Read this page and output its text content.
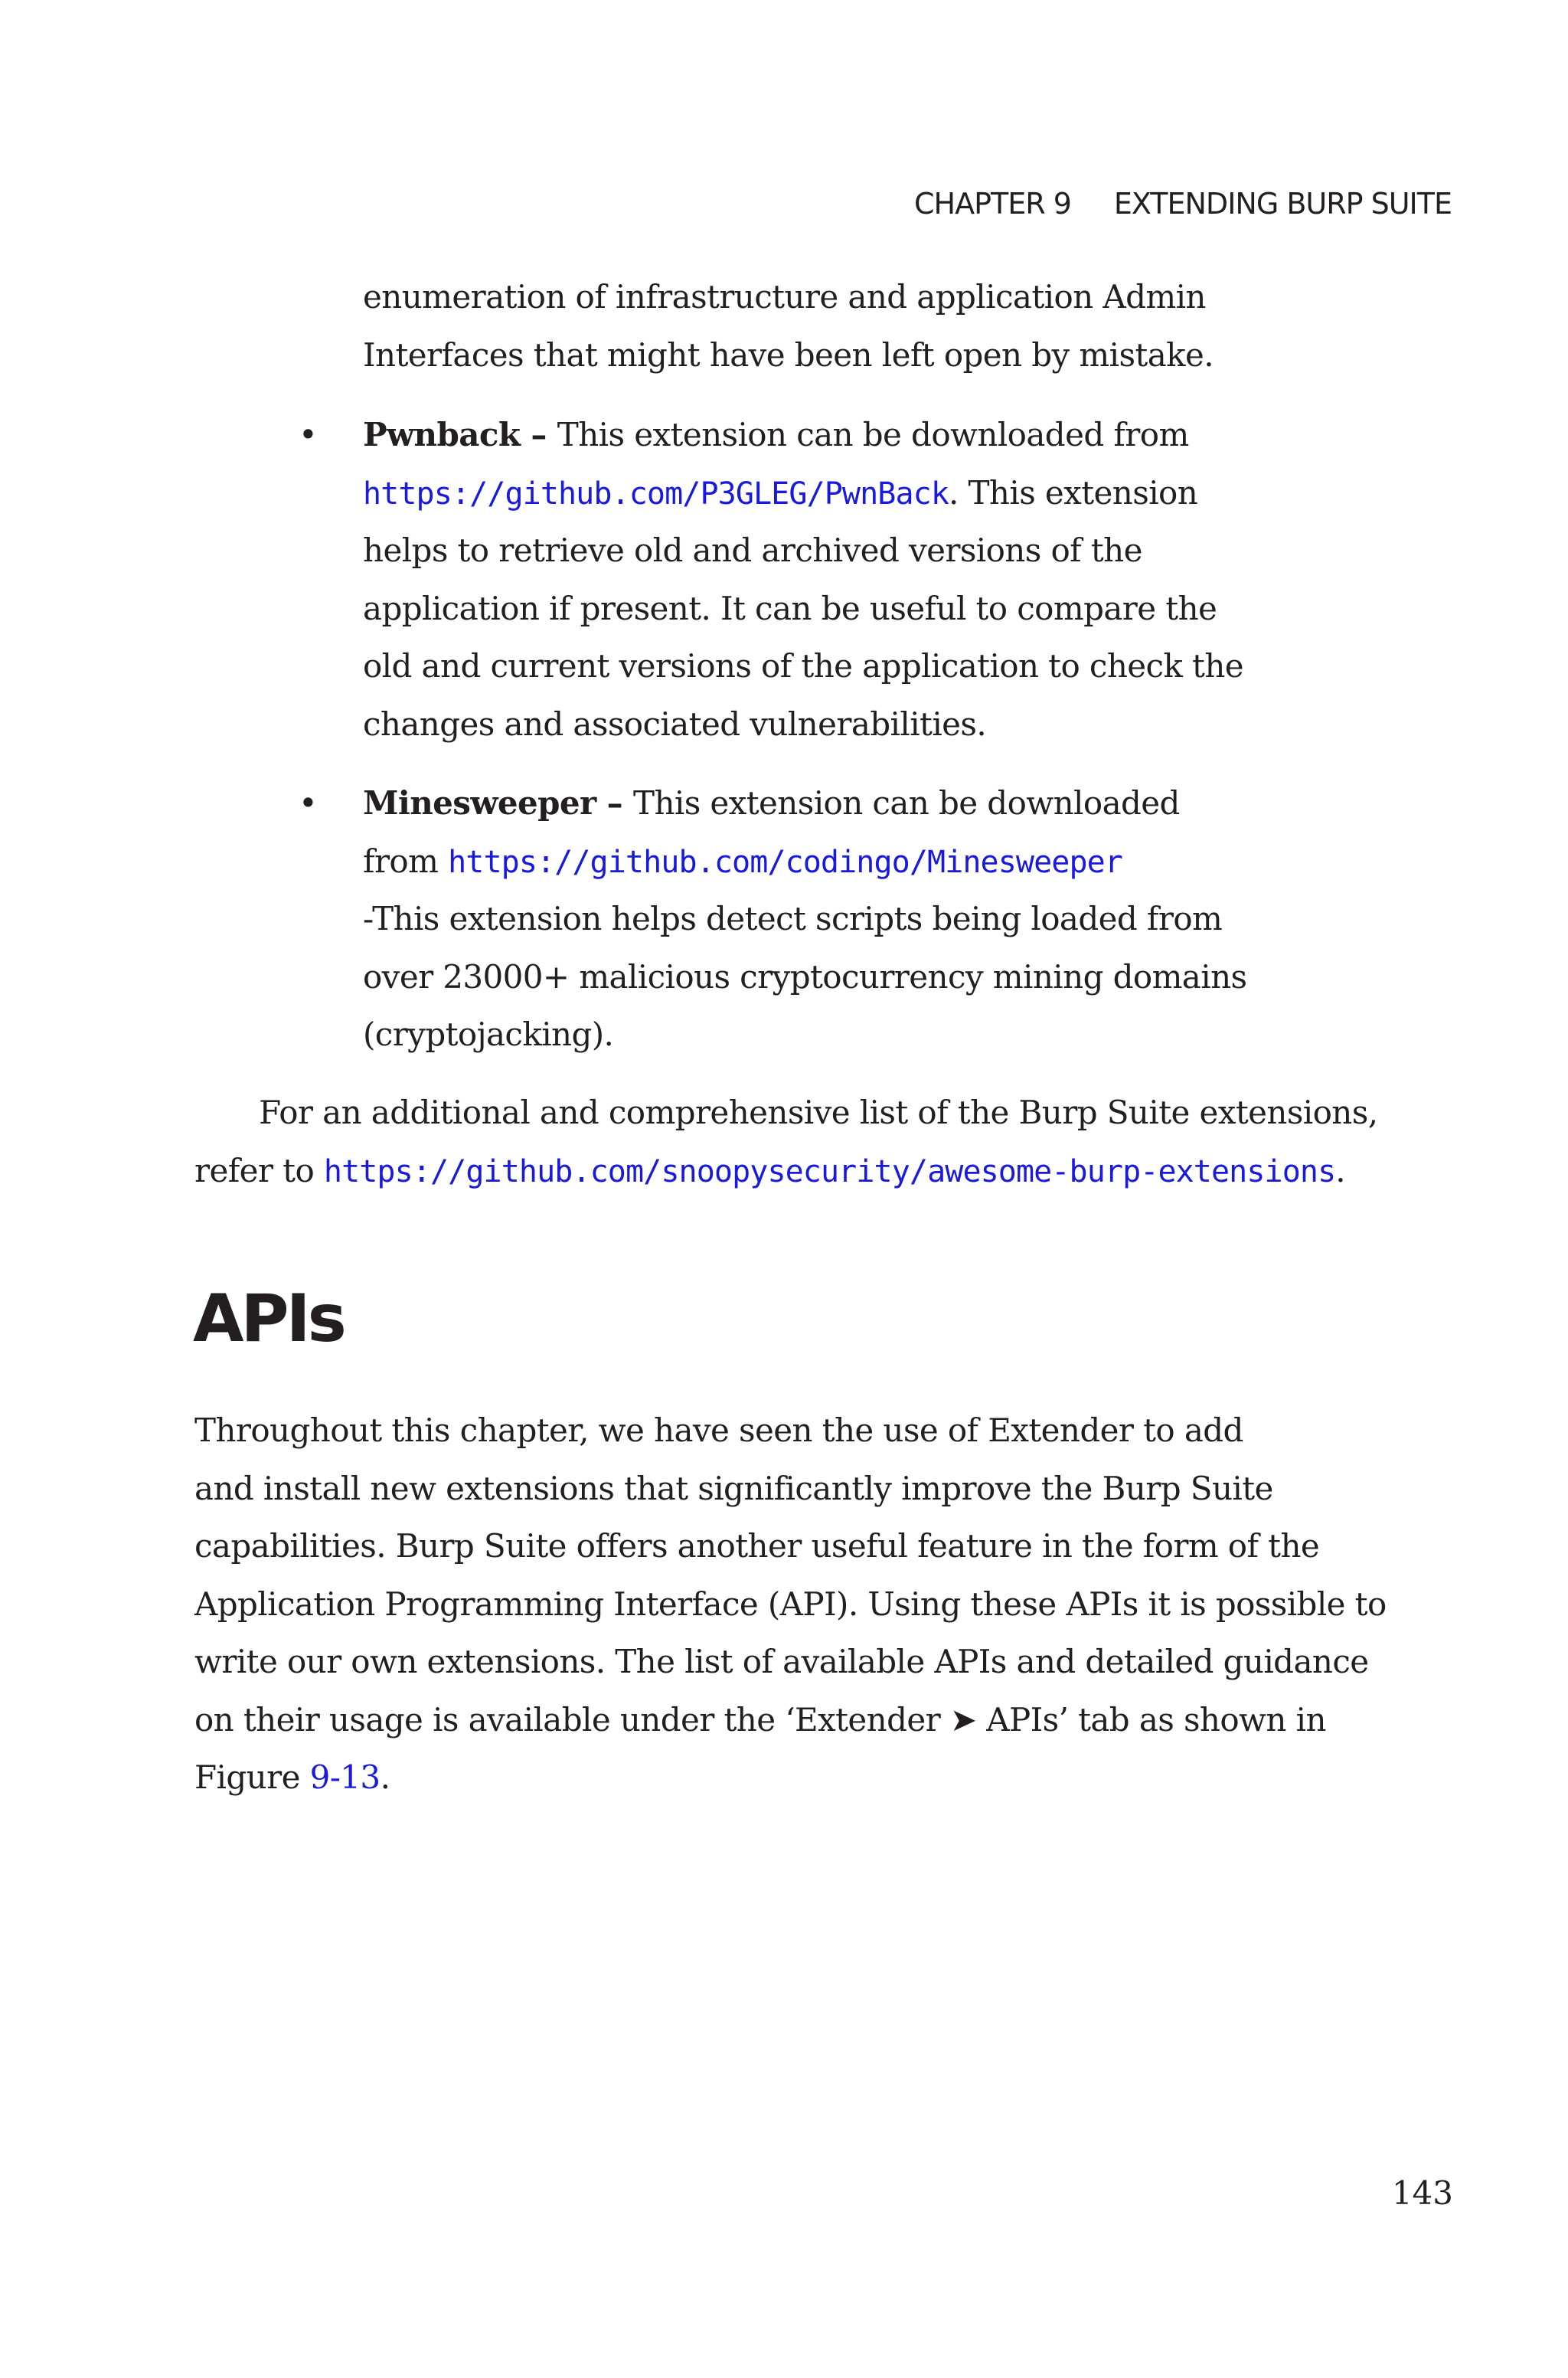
CHAPTER 9 EXTENDING BURP SUITE
enumeration of infrastructure and application Admin
Interfaces that might have been left open by mistake.
• Pwnback – This extension can be downloaded from
https://github.com/P3GLEG/PwnBack. This extension
helps to retrieve old and archived versions of the
application if present. It can be useful to compare the
old and current versions of the application to check the
changes and associated vulnerabilities.
• Minesweeper – This extension can be downloaded
from https://github.com/codingo/Minesweeper
-This extension helps detect scripts being loaded from
over 23000+ malicious cryptocurrency mining domains
(cryptojacking).
For an additional and comprehensive list of the Burp Suite extensions,
refer to https://github.com/snoopysecurity/awesome-burp-extensions.
APIs
Throughout this chapter, we have seen the use of Extender to add
and install new extensions that significantly improve the Burp Suite
capabilities. Burp Suite offers another useful feature in the form of the
Application Programming Interface (API). Using these APIs it is possible to
write our own extensions. The list of available APIs and detailed guidance
on their usage is available under the ‘Extender ➤ APIs’ tab as shown in
Figure 9-13.
143
